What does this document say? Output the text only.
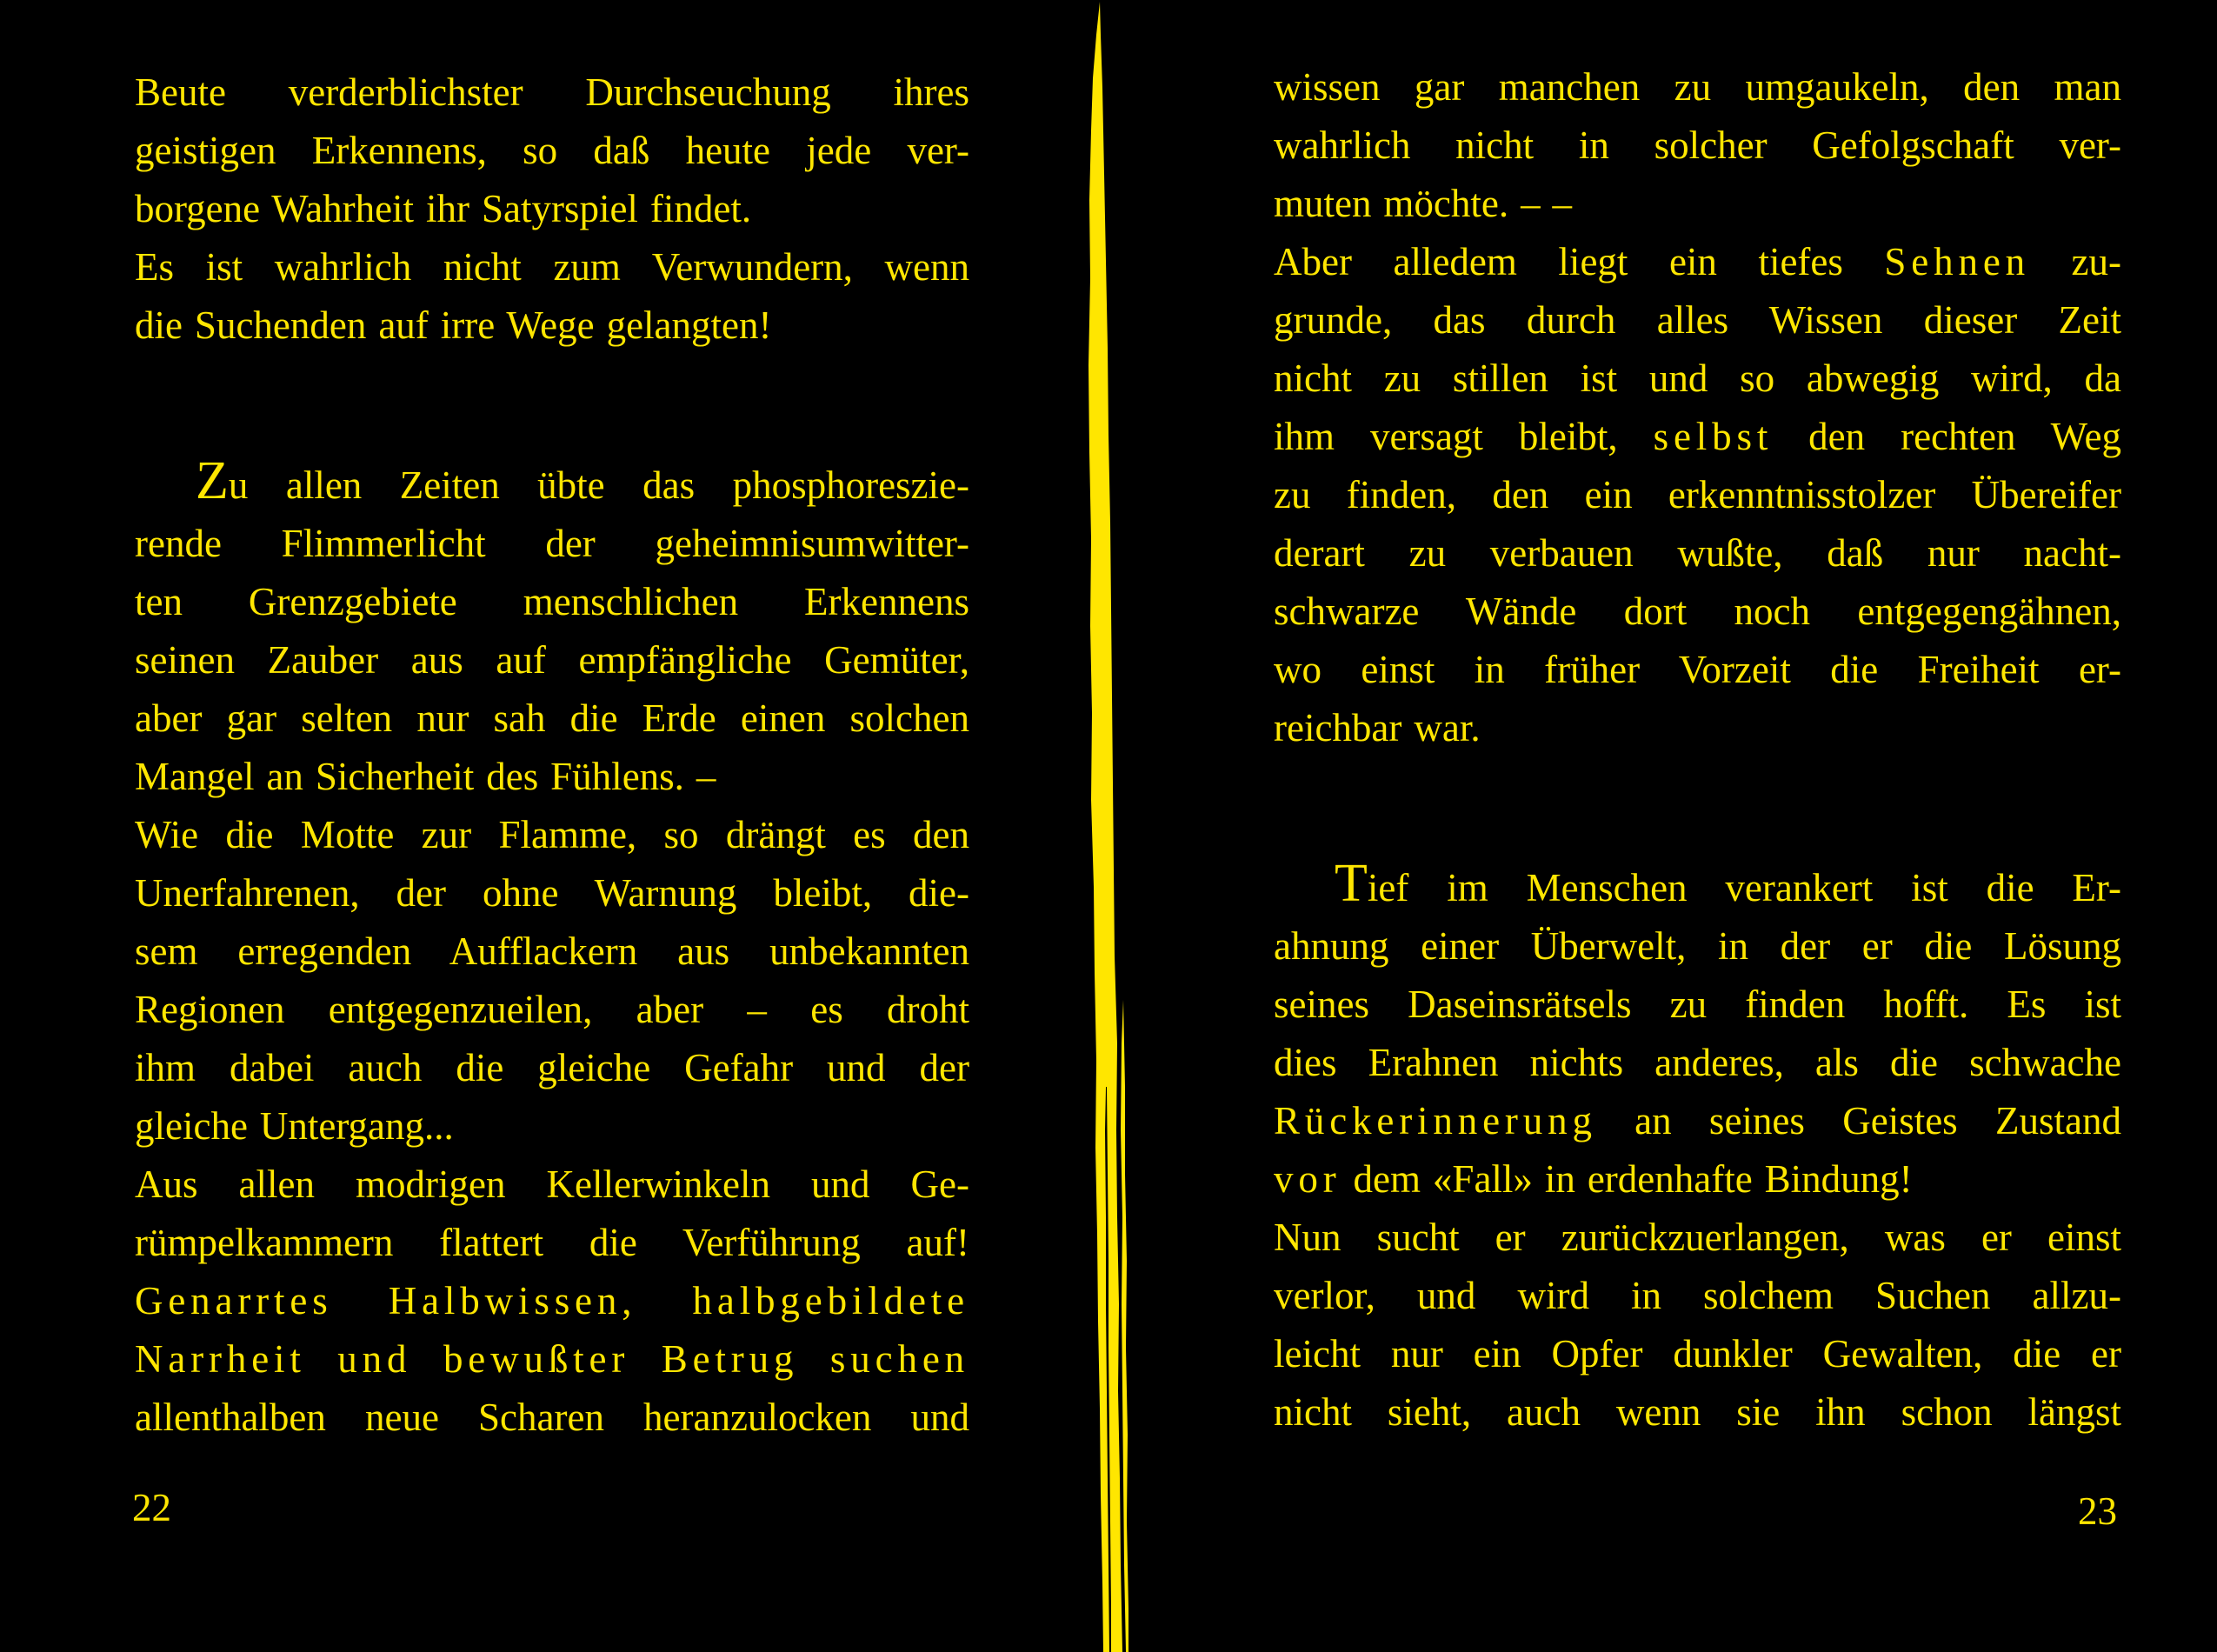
Beute verderblichster Durchseuchung ihres
geistigen Erkennens, so daß heute jede ver-
borgene Wahrheit ihr Satyrspiel findet.
Es ist wahrlich nicht zum Verwundern, wenn
die Suchenden auf irre Wege gelangten!
Zu allen Zeiten übte das phosphoreszie-
rende Flimmerlicht der geheimnisumwitter-
ten Grenzgebiete menschlichen Erkennens
seinen Zauber aus auf empfängliche Gemüter,
aber gar selten nur sah die Erde einen solchen
Mangel an Sicherheit des Fühlens. –
Wie die Motte zur Flamme, so drängt es den
Unerfahrenen, der ohne Warnung bleibt, die-
sem erregenden Aufflackern aus unbekannten
Regionen entgegenzueilen, aber – es droht
ihm dabei auch die gleiche Gefahr und der
gleiche Untergang...
Aus allen modrigen Kellerwinkeln und Ge-
rümpelkammern flattert die Verführung auf!
Genarrtes Halbwissen, halbgebildete
Narrheit und bewußter Betrug suchen
allenthalben neue Scharen heranzulocken und
wissen gar manchen zu umgaukeln, den man
wahrlich nicht in solcher Gefolgschaft ver-
muten möchte. – –
Aber alledem liegt ein tiefes Sehnen zu-
grunde, das durch alles Wissen dieser Zeit
nicht zu stillen ist und so abwegig wird, da
ihm versagt bleibt, selbst den rechten Weg
zu finden, den ein erkenntnisstolzer Übereifer
derart zu verbauen wußte, daß nur nacht-
schwarze Wände dort noch entgegengähnen,
wo einst in früher Vorzeit die Freiheit er-
reichbar war.
Tief im Menschen verankert ist die Er-
ahnung einer Überwelt, in der er die Lösung
seines Daseinsrätsels zu finden hofft. Es ist
dies Erahnen nichts anderes, als die schwache
Rückerinnerung an seines Geistes Zustand
vor dem «Fall» in erdenhafte Bindung!
Nun sucht er zurückzuerlangen, was er einst
verlor, und wird in solchem Suchen allzu-
leicht nur ein Opfer dunkler Gewalten, die er
nicht sieht, auch wenn sie ihn schon längst
22	23
